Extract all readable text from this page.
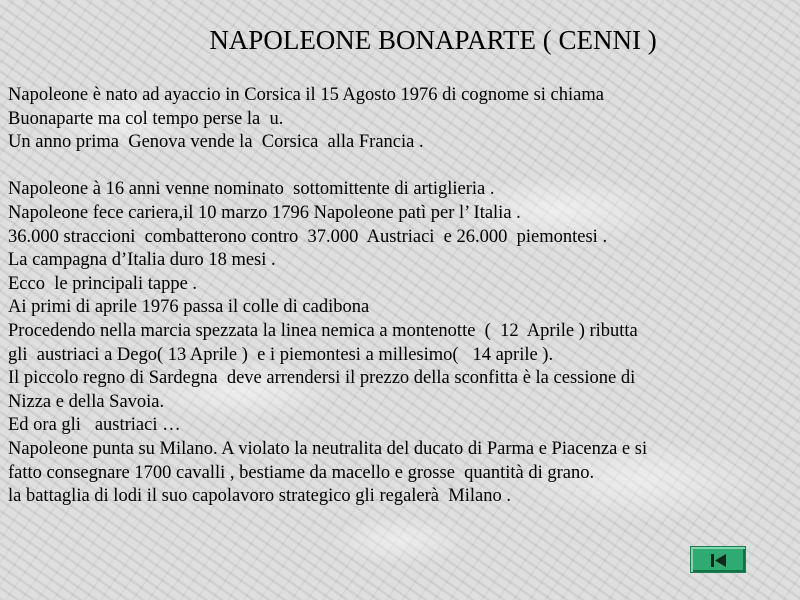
NAPOLEONE BONAPARTE ( CENNI )
Napoleone è nato ad ayaccio in Corsica il 15 Agosto 1976 di cognome si chiama
Buonaparte ma col tempo perse la  u.
Un anno prima  Genova vende la  Corsica  alla Francia .
Napoleone à 16 anni venne nominato  sottomittente di artiglieria .
Napoleone fece cariera,il 10 marzo 1796 Napoleone patì per l’ Italia .
36.000 straccioni  combatterono contro  37.000  Austriaci  e 26.000  piemontesi .
La campagna d’Italia duro 18 mesi .
Ecco  le principali tappe .
Ai primi di aprile 1976 passa il colle di cadibona
Procedendo nella marcia spezzata la linea nemica a montenotte  (  12  Aprile ) ributta
gli  austriaci a Dego( 13 Aprile )  e i piemontesi a millesimo(   14 aprile ).
Il piccolo regno di Sardegna  deve arrendersi il prezzo della sconfitta è la cessione di
Nizza e della Savoia.
Ed ora gli   austriaci …
Napoleone punta su Milano. A violato la neutralita del ducato di Parma e Piacenza e si
fatto consegnare 1700 cavalli , bestiame da macello e grosse  quantità di grano.
la battaglia di lodi il suo capolavoro strategico gli regalerà  Milano .
